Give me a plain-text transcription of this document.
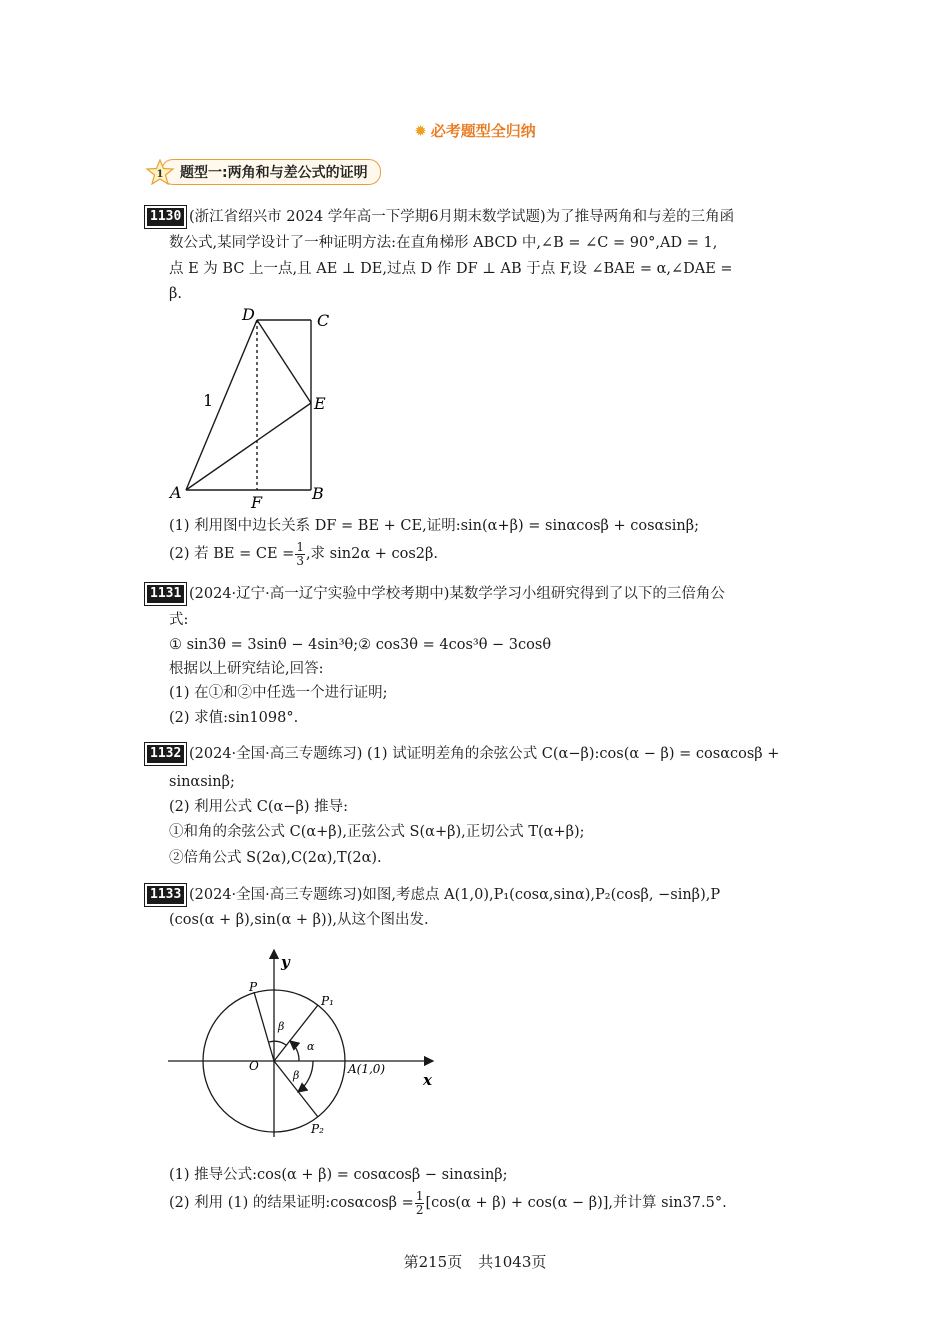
✹ 必考题型全归纳
1	题型一:两角和与差公式的证明
1130 (浙江省绍兴市 2024 学年高一下学期6月期末数学试题)为了推导两角和与差的三角函
数公式,某同学设计了一种证明方法:在直角梯形 ABCD 中,∠B = ∠C = 90°,AD = 1,
点 E 为 BC 上一点,且 AE ⊥ DE,过点 D 作 DF ⊥ AB 于点 F,设 ∠BAE = α,∠DAE =
β.
D	C
E
A
F	B
1
(1) 利用图中边长关系 DF = BE + CE,证明:sin(α+β) = sinαcosβ + cosαsinβ;
(2) 若 BE = CE = $\frac{1}{3}$ ,求 sin2α + cos2β.
1131 (2024·辽宁·高一辽宁实验中学校考期中)某数学学习小组研究得到了以下的三倍角公
式:
① sin3θ = 3sinθ − 4sin³θ;② cos3θ = 4cos³θ − 3cosθ
根据以上研究结论,回答:
(1) 在①和②中任选一个进行证明;
(2) 求值:sin1098°.
1132 (2024·全国·高三专题练习) (1) 试证明差角的余弦公式 C(α−β):cos(α − β) = cosαcosβ +
sinαsinβ;
(2) 利用公式 C(α−β) 推导:
①和角的余弦公式 C(α+β),正弦公式 S(α+β),正切公式 T(α+β);
②倍角公式 S(2α),C(2α),T(2α).
1133 (2024·全国·高三专题练习)如图,考虑点 A(1,0),P₁(cosα,sinα),P₂(cosβ, −sinβ),P
(cos(α + β),sin(α + β)),从这个图出发.
y
x
O
P
P₁
P₂
A(1,0)
α
β
β
(1) 推导公式:cos(α + β) = cosαcosβ − sinαsinβ;
(2) 利用 (1) 的结果证明:cosαcosβ = $\frac{1}{2} [\cos(\alpha + \beta) + \cos(\alpha - \beta)]$,并计算 sin37.5°.
第215页 共1043页
